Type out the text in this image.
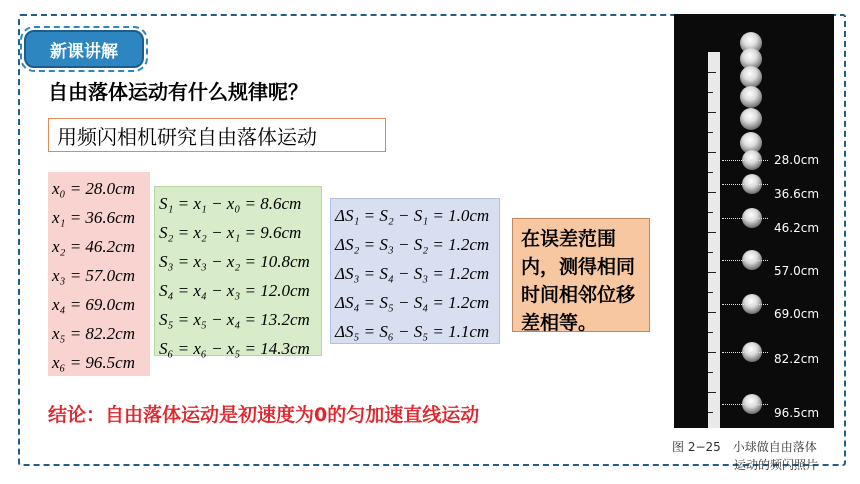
新课讲解
自由落体运动有什么规律呢？
用频闪相机研究自由落体运动
x₀ = 28.0cm
x₁ = 36.6cm
x₂ = 46.2cm
x₃ = 57.0cm
x₄ = 69.0cm
x₅ = 82.2cm
x₆ = 96.5cm
S₁ = x₁ − x₀ = 8.6cm
S₂ = x₂ − x₁ = 9.6cm
S₃ = x₃ − x₂ = 10.8cm
S₄ = x₄ − x₃ = 12.0cm
S₅ = x₅ − x₄ = 13.2cm
S₆ = x₆ − x₅ = 14.3cm
ΔS₁ = S₂ − S₁ = 1.0cm
ΔS₂ = S₃ − S₂ = 1.2cm
ΔS₃ = S₄ − S₃ = 1.2cm
ΔS₄ = S₅ − S₄ = 1.2cm
ΔS₅ = S₆ − S₅ = 1.1cm
在误差范围内，测得相同时间相邻位移差相等。
结论：自由落体运动是初速度为0的匀加速直线运动
28.0cm
36.6cm
46.2cm
57.0cm
69.0cm
82.2cm
96.5cm
图 2−25　小球做自由落体
运动的频闪照片
